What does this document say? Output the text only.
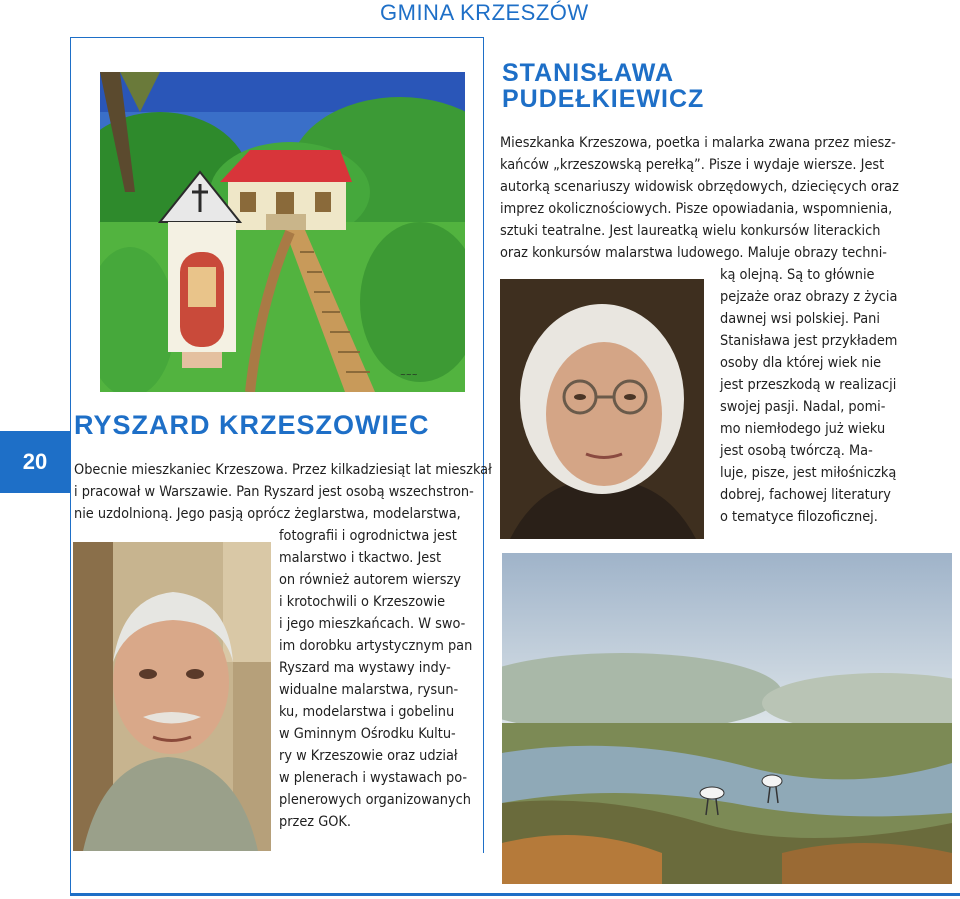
GMINA KRZESZÓW
20
~~~
RYSZARD KRZESZOWIEC
Obecnie mieszkaniec Krzeszowa. Przez kilkadziesiąt lat mieszkał
i pracował w Warszawie. Pan Ryszard jest osobą wszechstron-
nie uzdolnioną. Jego pasją oprócz żeglarstwa, modelarstwa,
fotografii i ogrodnictwa jest
malarstwo i tkactwo. Jest
on również autorem wierszy
i krotochwili o Krzeszowie
i jego mieszkańcach. W swo-
im dorobku artystycznym pan
Ryszard ma wystawy indy-
widualne malarstwa, rysun-
ku, modelarstwa i gobelinu
w Gminnym Ośrodku Kultu-
ry w Krzeszowie oraz udział
w plenerach i wystawach po-
plenerowych organizowanych
przez GOK.
STANISŁAWA
PUDEŁKIEWICZ
Mieszkanka Krzeszowa, poetka i malarka zwana przez miesz-
kańców „krzeszowską perełką”. Pisze i wydaje wiersze. Jest
autorką scenariuszy widowisk obrzędowych, dziecięcych oraz
imprez okolicznościowych. Pisze opowiadania, wspomnienia,
sztuki teatralne. Jest laureatką wielu konkursów literackich
oraz konkursów malarstwa ludowego. Maluje obrazy techni-
ką olejną. Są to głównie
pejzaże oraz obrazy z życia
dawnej wsi polskiej. Pani
Stanisława jest przykładem
osoby dla której wiek nie
jest przeszkodą w realizacji
swojej pasji. Nadal, pomi-
mo niemłodego już wieku
jest osobą twórczą. Ma-
luje, pisze, jest miłośniczką
dobrej, fachowej literatury
o tematyce filozoficznej.
